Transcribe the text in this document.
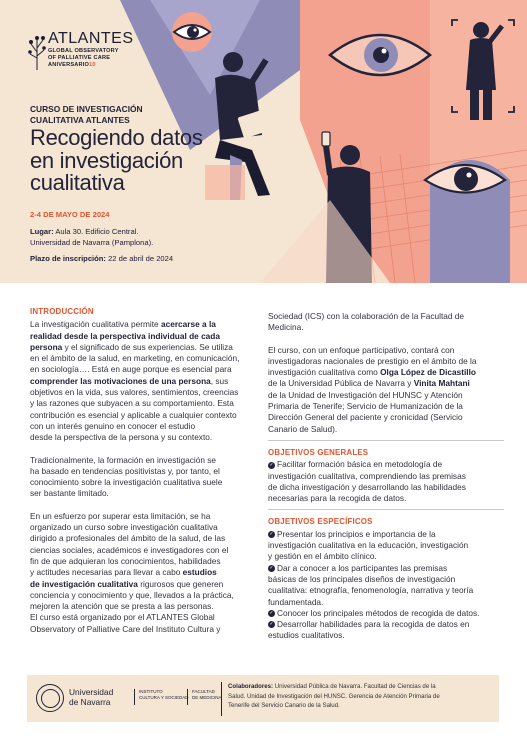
ATLANTES
GLOBAL OBSERVATORY
OF PALLIATIVE CARE
ANIVERSARIO10
CURSO DE INVESTIGACIÓN
CUALITATIVA ATLANTES
Recogiendo datos
en investigación
cualitativa
2-4 DE MAYO DE 2024
Lugar: Aula 30. Edificio Central.
Universidad de Navarra (Pamplona).
Plazo de inscripción: 22 de abril de 2024
INTRODUCCIÓN

La investigación cualitativa permite acercarse a la
realidad desde la perspectiva individual de cada
persona y el significado de sus experiencias. Se utiliza
en el ámbito de la salud, en marketing, en comunicación,
en sociología…. Está en auge porque es esencial para
comprender las motivaciones de una persona, sus
objetivos en la vida, sus valores, sentimientos, creencias
y las razones que subyacen a su comportamiento. Esta
contribución es esencial y aplicable a cualquier contexto
con un interés genuino en conocer el estudio
desde la perspectiva de la persona y su contexto.

Tradicionalmente, la formación en investigación se
ha basado en tendencias positivistas y, por tanto, el
conocimiento sobre la investigación cualitativa suele
ser bastante limitado.

En un esfuerzo por superar esta limitación, se ha
organizado un curso sobre investigación cualitativa
dirigido a profesionales del ámbito de la salud, de las
ciencias sociales, académicos e investigadores con el
fin de que adquieran los conocimientos, habilidades
y actitudes necesarias para llevar a cabo estudios
de investigación cualitativa rigurosos que generen
conciencia y conocimiento y que, llevados a la práctica,
mejoren la atención que se presta a las personas.
El curso está organizado por el ATLANTES Global
Observatory of Palliative Care del Instituto Cultura y

Sociedad (ICS) con la colaboración de la Facultad de
Medicina.

El curso, con un enfoque participativo, contará con
investigadoras nacionales de prestigio en el ámbito de la
investigación cualitativa como Olga López de Dicastillo
de la Universidad Pública de Navarra y Vinita Mahtani
de la Unidad de Investigación del HUNSC y Atención
Primaria de Tenerife; Servicio de Humanización de la
Dirección General del paciente y cronicidad (Servicio
Canario de Salud).

OBJETIVOS GENERALES

✓ Facilitar formación básica en metodología de
investigación cualitativa, comprendiendo las premisas
de dicha investigación y desarrollando las habilidades
necesarias para la recogida de datos.

OBJETIVOS ESPECÍFICOS
✓ Presentar los principios e importancia de la
investigación cualitativa en la educación, investigación
y gestión en el ámbito clínico.
✓ Dar a conocer a los participantes las premisas
básicas de los principales diseños de investigación
cualitativa: etnografía, fenomenología, narrativa y teoría
fundamentada.
✓ Conocer los principales métodos de recogida de datos.
✓ Desarrollar habilidades para la recogida de datos en
estudios cualitativos.
Universidad
de Navarra
INSTITUTO
CULTURA Y SOCIEDAD
FACULTAD
DE MEDICINA
Colaboradores: Universidad Pública de Navarra. Facultad de Ciencias de la
Salud. Unidad de Investigación del HUNSC. Gerencia de Atención Primaria de
Tenerife del Servicio Canario de la Salud.
